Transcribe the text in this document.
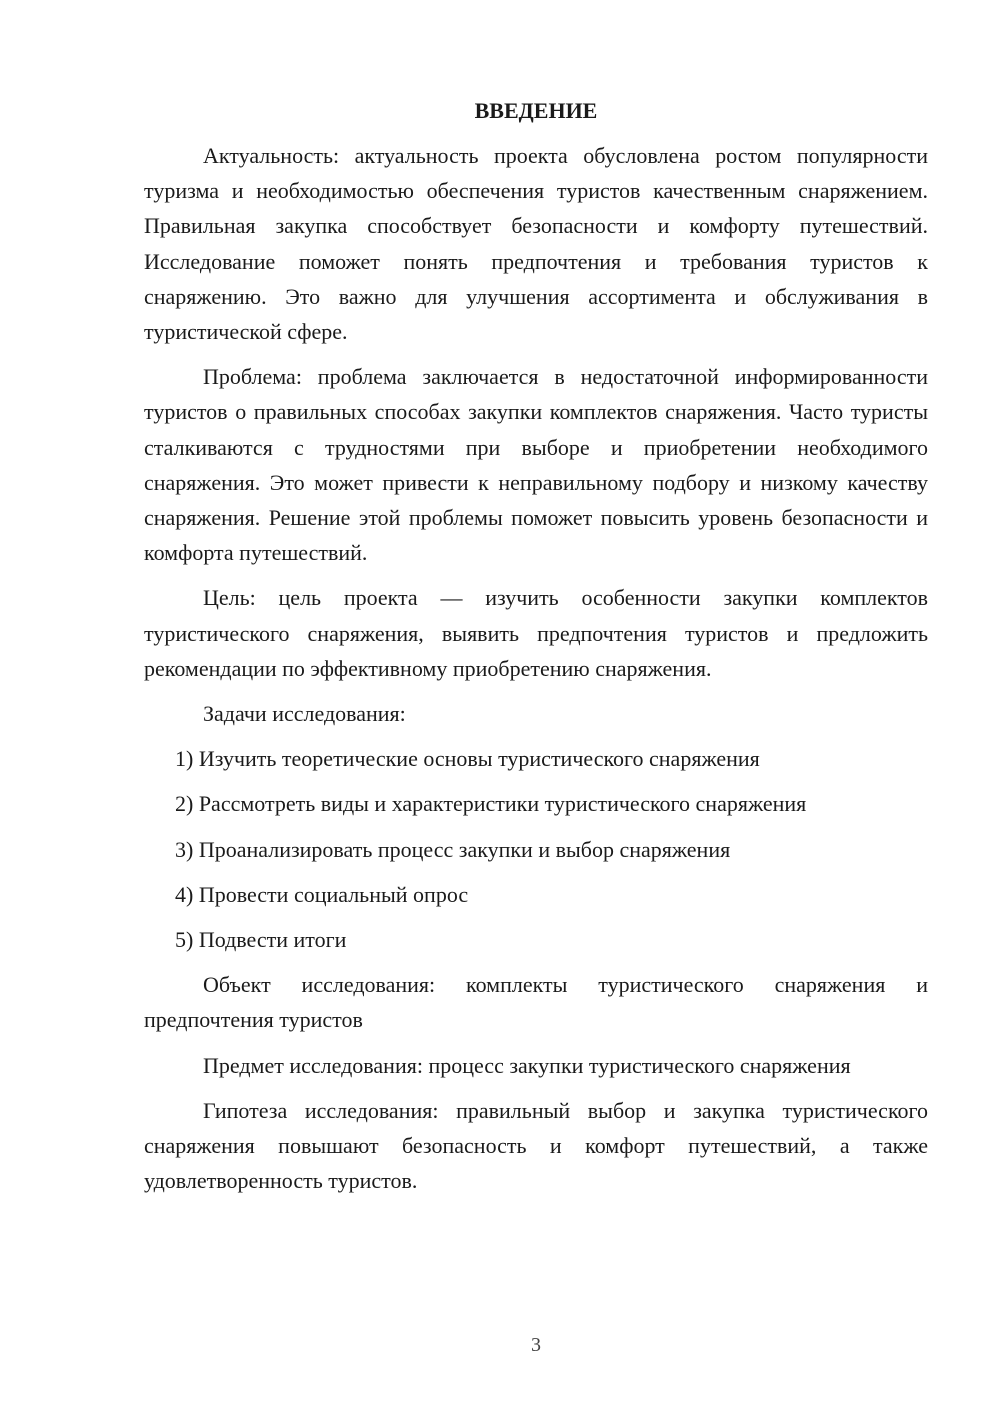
ВВЕДЕНИЕ

Актуальность: актуальность проекта обусловлена ростом популярности туризма и необходимостью обеспечения туристов качественным снаряжением. Правильная закупка способствует безопасности и комфорту путешествий. Исследование поможет понять предпочтения и требования туристов к снаряжению. Это важно для улучшения ассортимента и обслуживания в туристической сфере.

Проблема: проблема заключается в недостаточной информированности туристов о правильных способах закупки комплектов снаряжения. Часто туристы сталкиваются с трудностями при выборе и приобретении необходимого снаряжения. Это может привести к неправильному подбору и низкому качеству снаряжения. Решение этой проблемы поможет повысить уровень безопасности и комфорта путешествий.

Цель: цель проекта — изучить особенности закупки комплектов туристического снаряжения, выявить предпочтения туристов и предложить рекомендации по эффективному приобретению снаряжения.

Задачи исследования:

1) Изучить теоретические основы туристического снаряжения

2) Рассмотреть виды и характеристики туристического снаряжения

3) Проанализировать процесс закупки и выбор снаряжения

4) Провести социальный опрос

5) Подвести итоги

Объект исследования: комплекты туристического снаряжения и предпочтения туристов

Предмет исследования: процесс закупки туристического снаряжения

Гипотеза исследования: правильный выбор и закупка туристического снаряжения повышают безопасность и комфорт путешествий, а также удовлетворенность туристов.

3
